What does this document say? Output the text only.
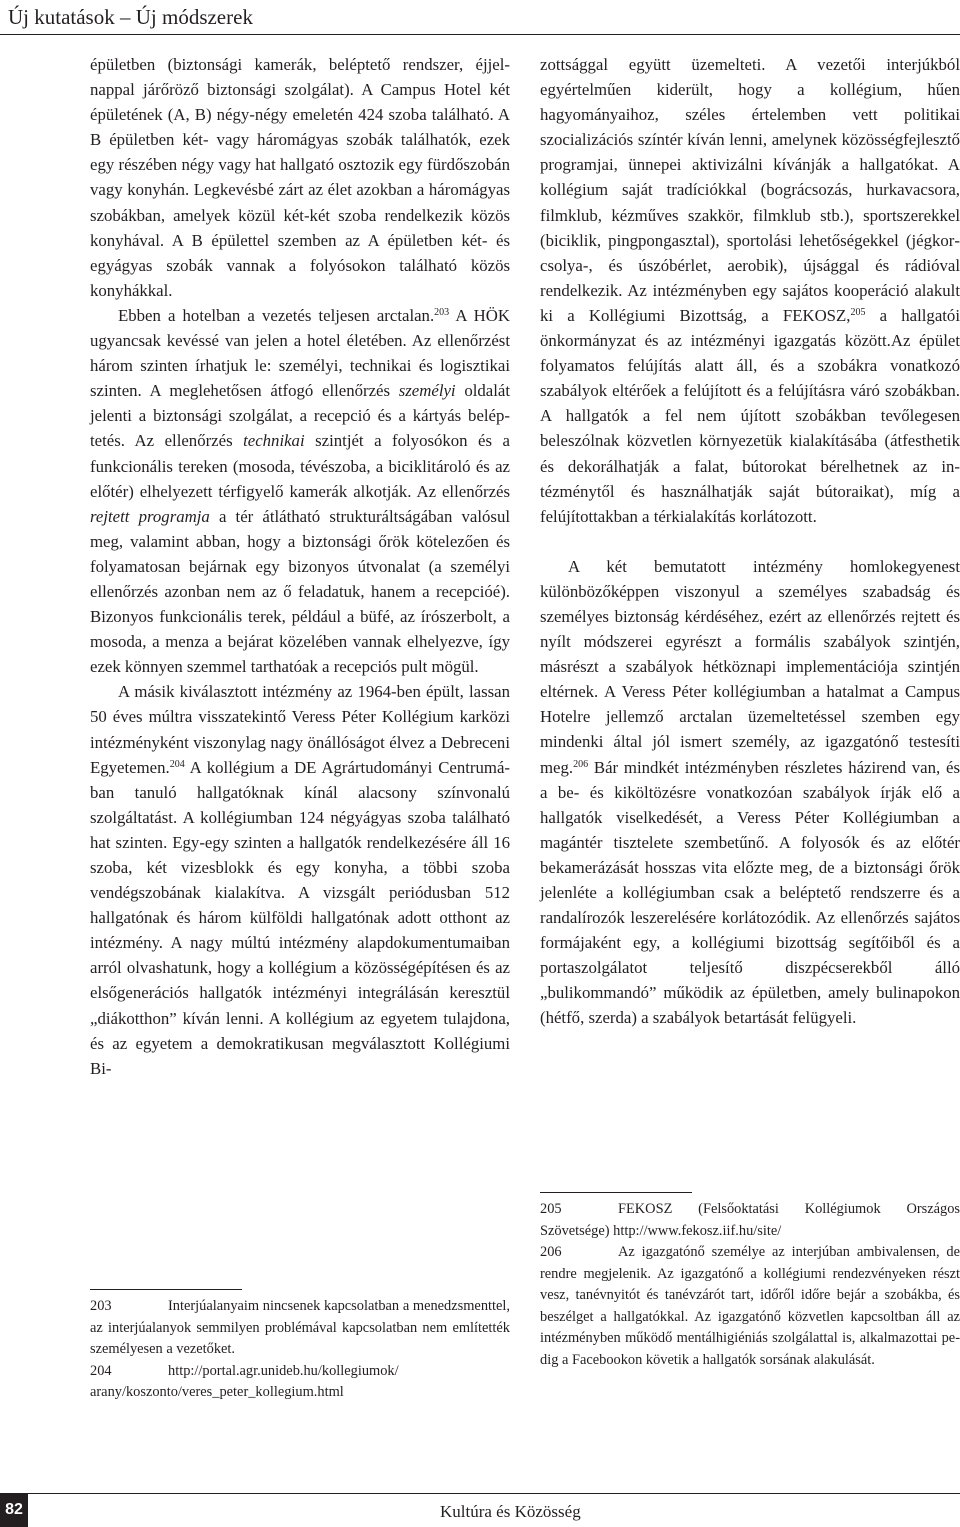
Új kutatások – Új módszerek

épületben (biztonsági kamerák, beléptető rendszer, éjjel-nappal járőröző biztonsági szolgálat). A Campus Hotel két épületének (A, B) négy-négy emeletén 424 szoba található. A B épületben két- vagy háromágyas szobák találhatók, ezek egy részében négy vagy hat hallgató osztozik egy fürdőszobán vagy konyhán. Legkevésbé zárt az élet azokban a háromágyas szobákban, amelyek közül két-két szoba rendelkezik közös konyhával. A B épülettel szemben az A épületben két- és egyágyas szobák vannak a folyósokon található közös konyhákkal.

Ebben a hotelban a vezetés teljesen arctalan.$^{203}$ A HÖK ugyancsak kevéssé van jelen a hotel életében. Az ellenőrzést három szinten írhatjuk le: személyi, technikai és logisztikai szinten. A meglehetősen átfogó ellenőrzés személyi oldalát jelenti a biztonsági szolgálat, a recepció és a kártyás beléptetés. Az ellenőrzés technikai szintjét a folyosókon és a funkcionális tereken (mosoda, tévészoba, a biciklitároló és az előtér) elhelyezett térfigyelő kamerák alkotják. Az ellenőrzés rejtett programja a tér átlátható strukturáltságában valósul meg, valamint abban, hogy a biztonsági őrök kötelezően és folyamatosan bejárnak egy bizonyos útvonalat (a személyi ellenőrzés azonban nem az ő feladatuk, hanem a recepcióé). Bizonyos funkcionális terek, például a büfé, az írószerbolt, a mosoda, a menza a bejárat közelében vannak elhelyezve, így ezek könnyen szemmel tarthatóak a recepciós pult mögül.

A másik kiválasztott intézmény az 1964-ben épült, lassan 50 éves múltra visszatekintő Veress Péter Kollégium karközi intézményként viszonylag nagy önállóságot élvez a Debreceni Egyetemen.$^{204}$ A kollégium a DE Agrártudományi Centrumában tanuló hallgatóknak kínál alacsony színvonalú szolgáltatást. A kollégiumban 124 négyágyas szoba található hat szinten. Egy-egy szinten a hallgatók rendelkezésére áll 16 szoba, két vizesblokk és egy konyha, a többi szoba vendégszobának kialakítva. A vizsgált periódusban 512 hallgatónak és három külföldi hallgatónak adott otthont az intézmény. A nagy múltú intézmény alapdokumentumaiban arról olvashatunk, hogy a kollégium a közösségépítésen és az elsőgenerációs hallgatók intézményi integrálásán keresztül „diákotthon” kíván lenni. A kollégium az egyetem tulajdona, és az egyetem a demokratikusan megválasztott Kollégiumi Bi-

203	Interjúalanyaim nincsenek kapcsolatban a menedzsmenttel, az interjúalanyok semmilyen problémával kapcsolatban nem említették személyesen a vezetőket.

204	http://portal.agr.unideb.hu/kollegiumok/ arany/koszonto/veres_peter_kollegium.html

zottsággal együtt üzemelteti. A vezetői interjúkból egyértelműen kiderült, hogy a kollégium, hűen hagyományaihoz, széles értelemben vett politikai szocializációs színtér kíván lenni, amelynek közösségfejlesztő programjai, ünnepei aktivizálni kívánják a hallgatókat. A kollégium saját tradíciókkal (bográcsozás, hurkavacsora, filmklub, kézműves szakkör, filmklub stb.), sportszerekkel (biciklik, pingpongasztal), sportolási lehetőségekkel (jégkorcsolya-, és úszóbérlet, aerobik), újsággal és rádióval rendelkezik. Az intézményben egy sajátos kooperáció alakult ki a Kollégiumi Bizottság, a FEKOSZ,$^{205}$ a hallgatói önkormányzat és az intézményi igazgatás között.Az épület folyamatos felújítás alatt áll, és a szobákra vonatkozó szabályok eltérőek a felújított és a felújításra váró szobákban. A hallgatók a fel nem újított szobákban tevőlegesen beleszólnak közvetlen környezetük kialakításába (átfesthetik és dekorálhatják a falat, bútorokat bérelhetnek az intézménytől és használhatják saját bútoraikat), míg a felújítottakban a térkialakítás korlátozott.

A két bemutatott intézmény homlokegyenest különbözőképpen viszonyul a személyes szabadság és személyes biztonság kérdéséhez, ezért az ellenőrzés rejtett és nyílt módszerei egyrészt a formális szabályok szintjén, másrészt a szabályok hétköznapi implementációja szintjén eltérnek. A Veress Péter kollégiumban a hatalmat a Campus Hotelre jellemző arctalan üzemeltetéssel szemben egy mindenki által jól ismert személy, az igazgatónő testesíti meg.$^{206}$ Bár mindkét intézményben részletes házirend van, és a be- és kiköltözésre vonatkozóan szabályok írják elő a hallgatók viselkedését, a Veress Péter Kollégiumban a magántér tisztelete szembetűnő. A folyosók és az előtér bekamerázását hosszas vita előzte meg, de a biztonsági őrök jelenléte a kollégiumban csak a beléptető rendszerre és a randalírozók leszerelésére korlátozódik. Az ellenőrzés sajátos formájaként egy, a kollégiumi bizottság segítőiből és a portaszolgálatot teljesítő diszpécserekből álló „bulikommandó” működik az épületben, amely bulinapokon (hétfő, szerda) a szabályok betartását felügyeli.

205	FEKOSZ (Felsőoktatási Kollégiumok Országos Szövetsége) http://www.fekosz.iif.hu/site/

206	Az igazgatónő személye az interjúban ambivalensen, de rendre megjelenik. Az igazgatónő a kollégiumi rendezvényeken részt vesz, tanévnyitót és tanévzárót tart, időről időre bejár a szobákba, és beszélget a hallgatókkal. Az igazgatónő közvetlen kapcsoltban áll az intézményben működő mentálhigiéniás szolgálattal is, alkalmazottai pedig a Facebookon követik a hallgatók sorsának alakulását.

82	Kultúra és Közösség
